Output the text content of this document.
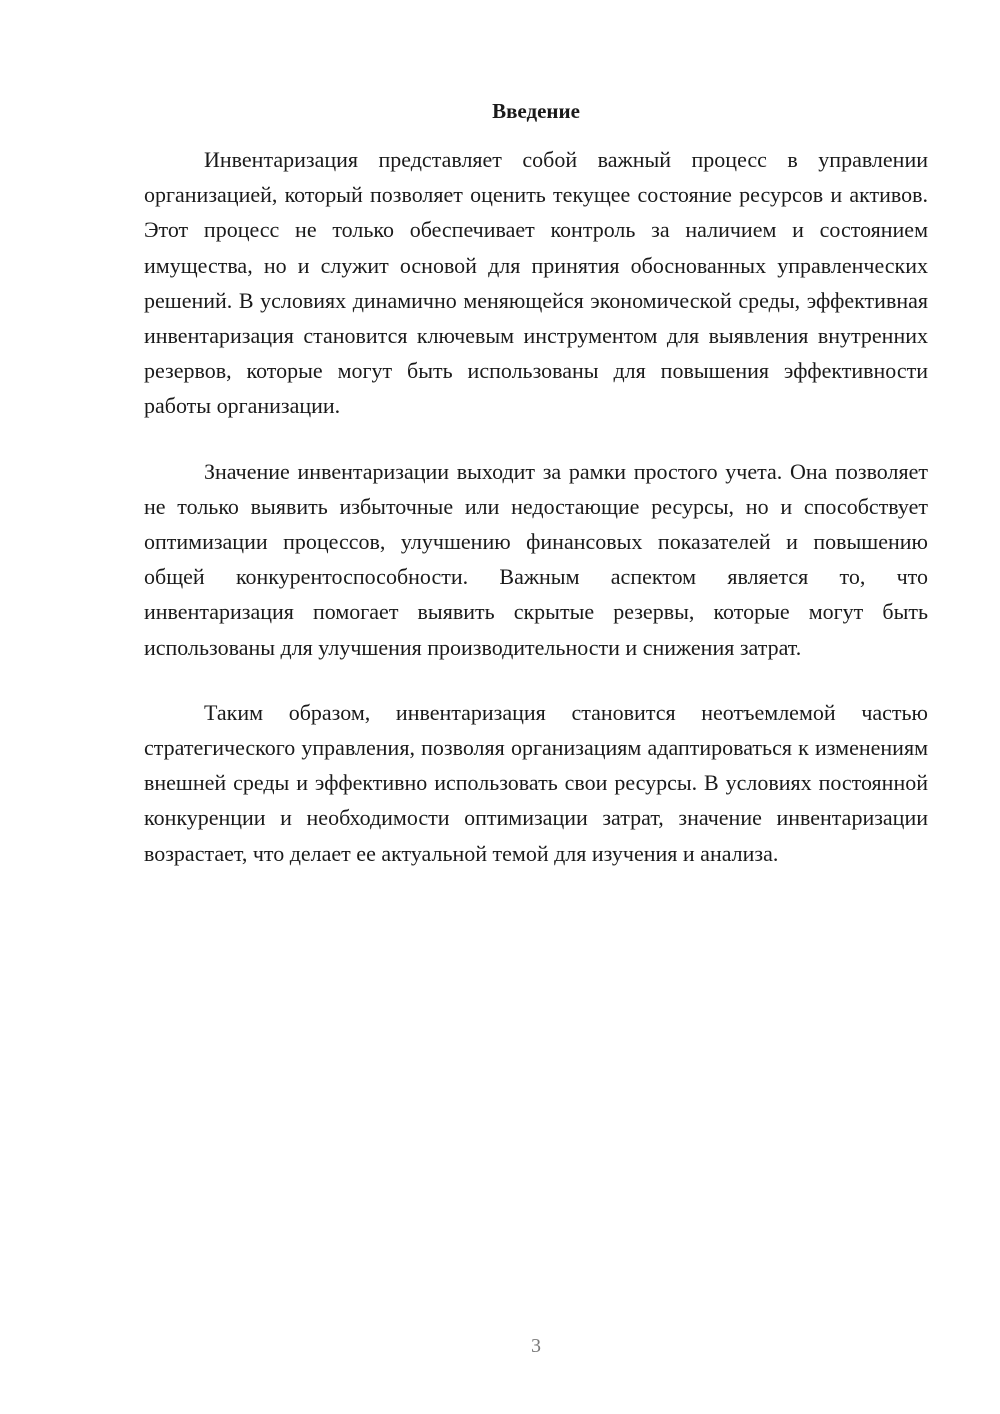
Введение

Инвентаризация представляет собой важный процесс в управлении организацией, который позволяет оценить текущее состояние ресурсов и активов. Этот процесс не только обеспечивает контроль за наличием и состоянием имущества, но и служит основой для принятия обоснованных управленческих решений. В условиях динамично меняющейся экономической среды, эффективная инвентаризация становится ключевым инструментом для выявления внутренних резервов, которые могут быть использованы для повышения эффективности работы организации.

Значение инвентаризации выходит за рамки простого учета. Она позволяет не только выявить избыточные или недостающие ресурсы, но и способствует оптимизации процессов, улучшению финансовых показателей и повышению общей конкурентоспособности. Важным аспектом является то, что инвентаризация помогает выявить скрытые резервы, которые могут быть использованы для улучшения производительности и снижения затрат.

Таким образом, инвентаризация становится неотъемлемой частью стратегического управления, позволяя организациям адаптироваться к изменениям внешней среды и эффективно использовать свои ресурсы. В условиях постоянной конкуренции и необходимости оптимизации затрат, значение инвентаризации возрастает, что делает ее актуальной темой для изучения и анализа.

3
